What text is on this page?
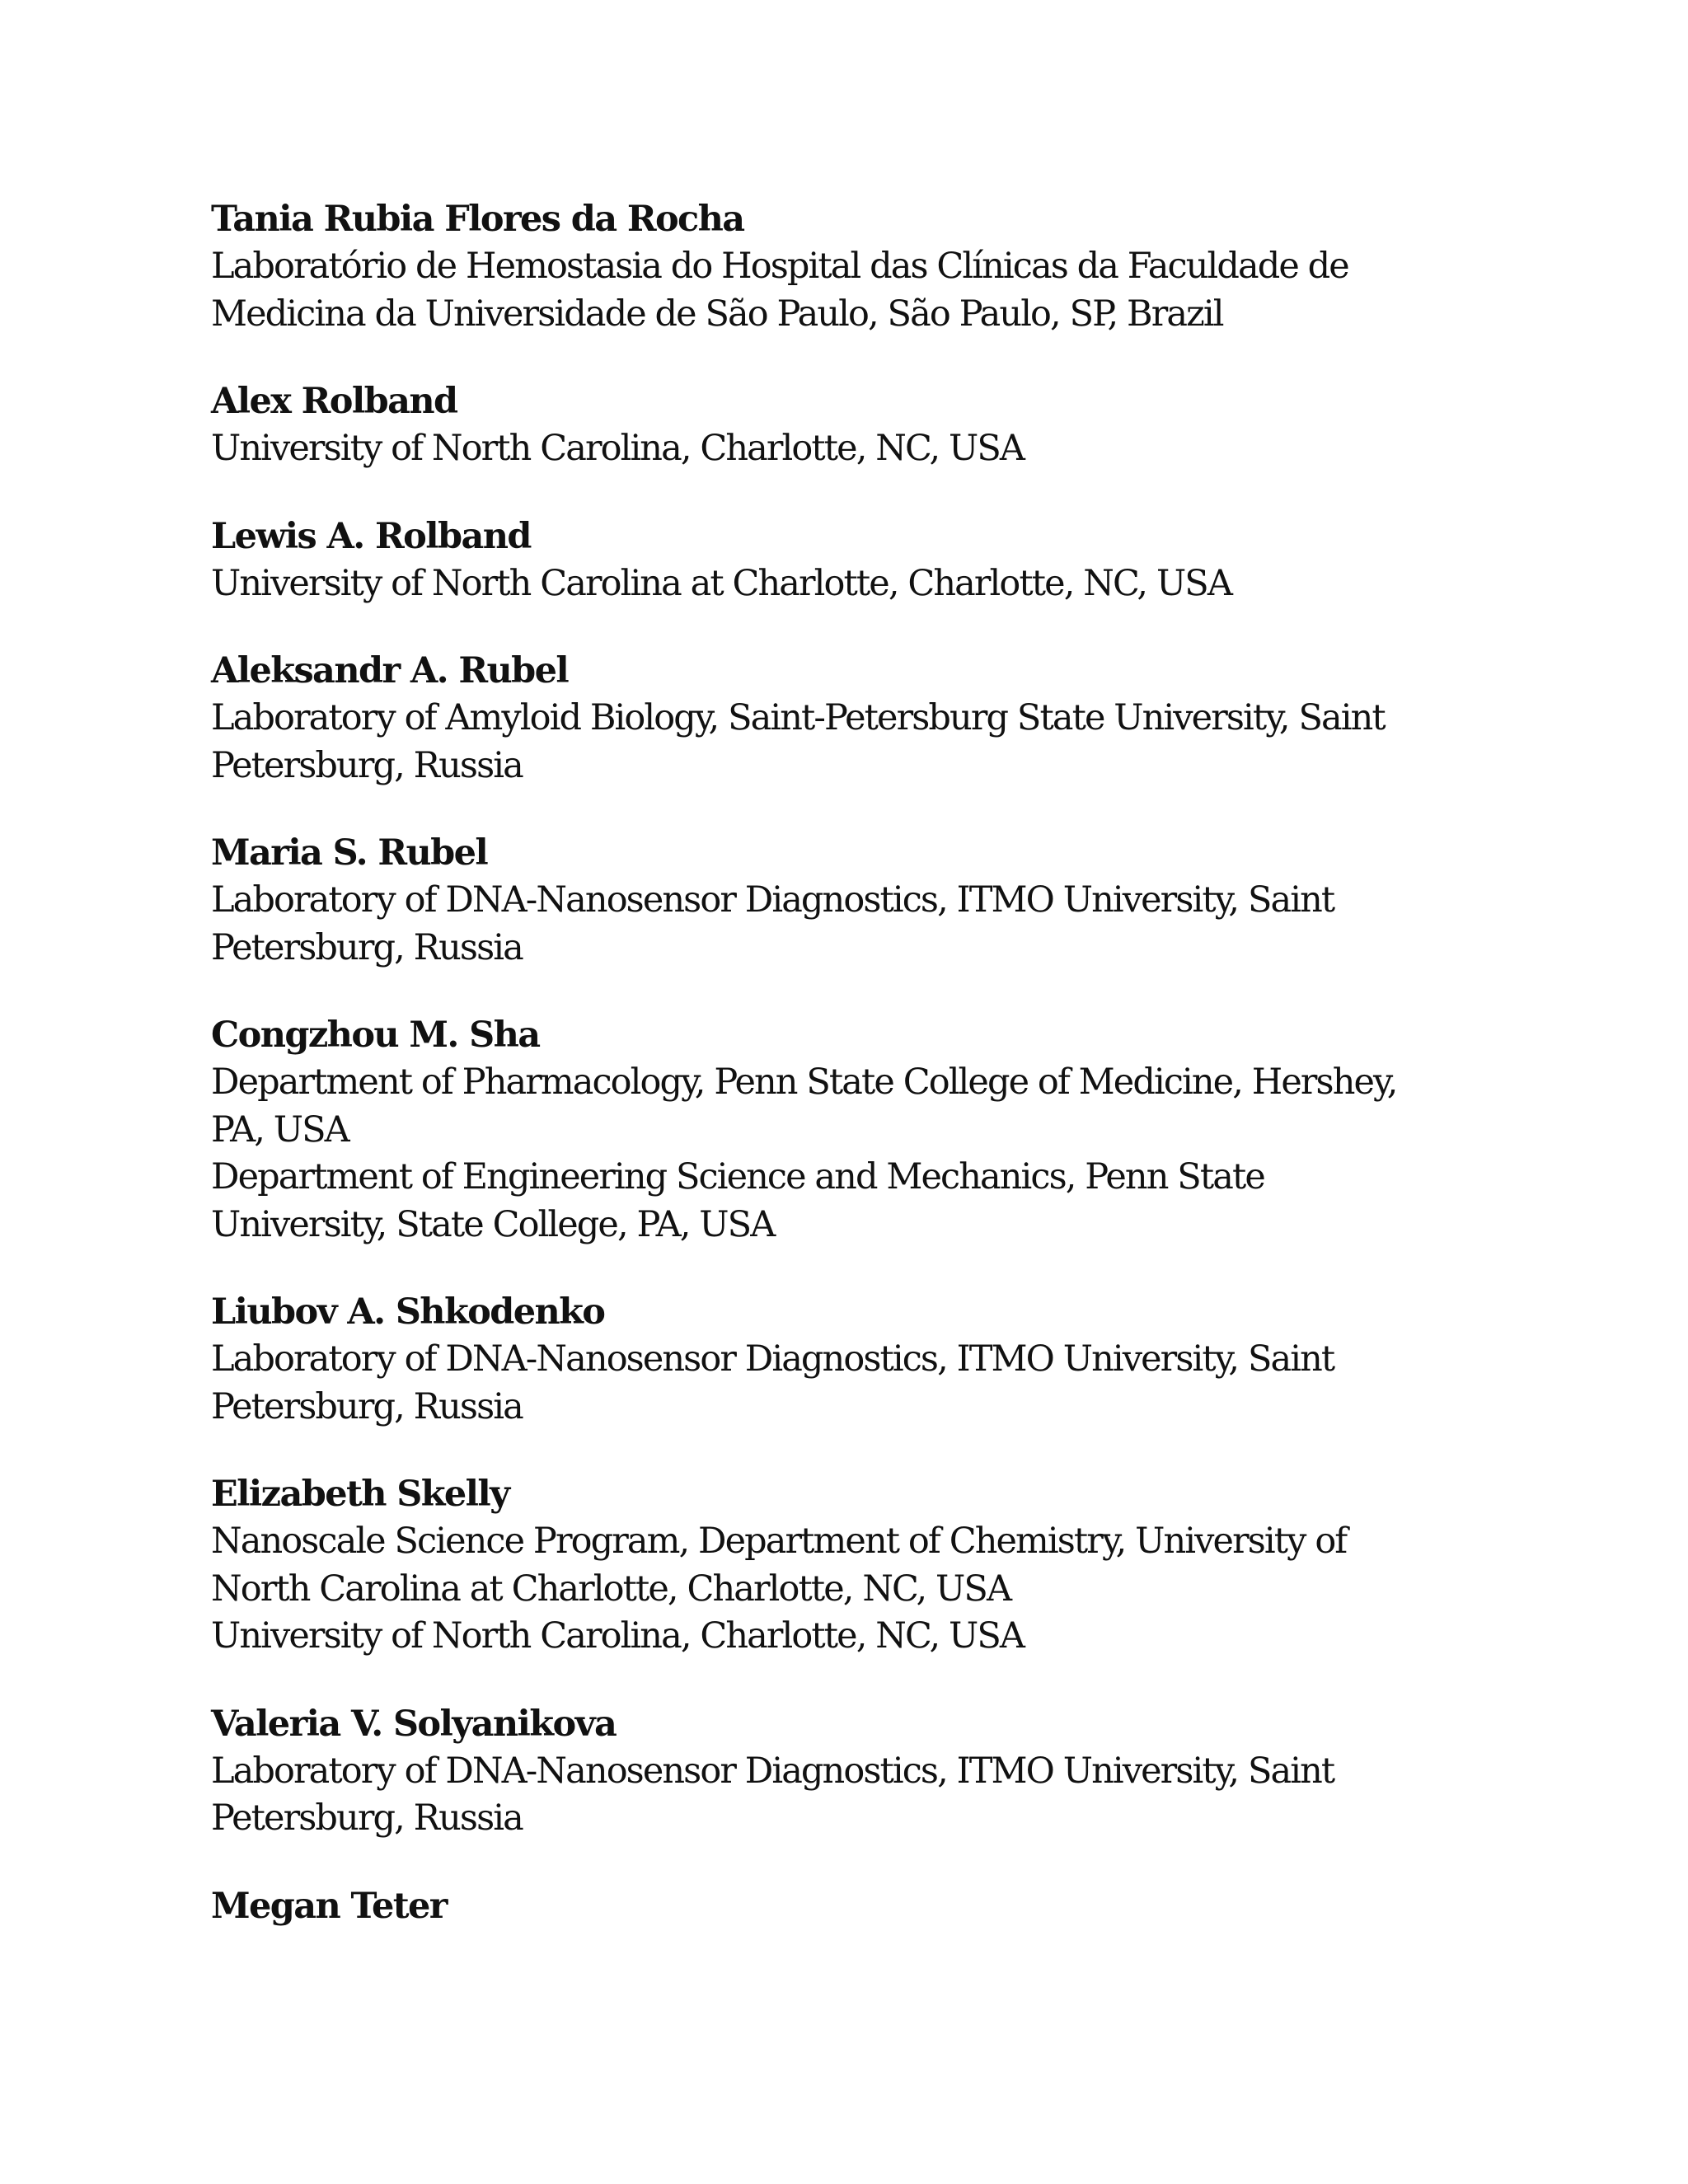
Tania Rubia Flores da Rocha
Laboratório de Hemostasia do Hospital das Clínicas da Faculdade de
Medicina da Universidade de São Paulo, São Paulo, SP, Brazil
Alex Rolband
University of North Carolina, Charlotte, NC, USA
Lewis A. Rolband
University of North Carolina at Charlotte, Charlotte, NC, USA
Aleksandr A. Rubel
Laboratory of Amyloid Biology, Saint-Petersburg State University, Saint
Petersburg, Russia
Maria S. Rubel
Laboratory of DNA-Nanosensor Diagnostics, ITMO University, Saint
Petersburg, Russia
Congzhou M. Sha
Department of Pharmacology, Penn State College of Medicine, Hershey,
PA, USA
Department of Engineering Science and Mechanics, Penn State
University, State College, PA, USA
Liubov A. Shkodenko
Laboratory of DNA-Nanosensor Diagnostics, ITMO University, Saint
Petersburg, Russia
Elizabeth Skelly
Nanoscale Science Program, Department of Chemistry, University of
North Carolina at Charlotte, Charlotte, NC, USA
University of North Carolina, Charlotte, NC, USA
Valeria V. Solyanikova
Laboratory of DNA-Nanosensor Diagnostics, ITMO University, Saint
Petersburg, Russia
Megan Teter
